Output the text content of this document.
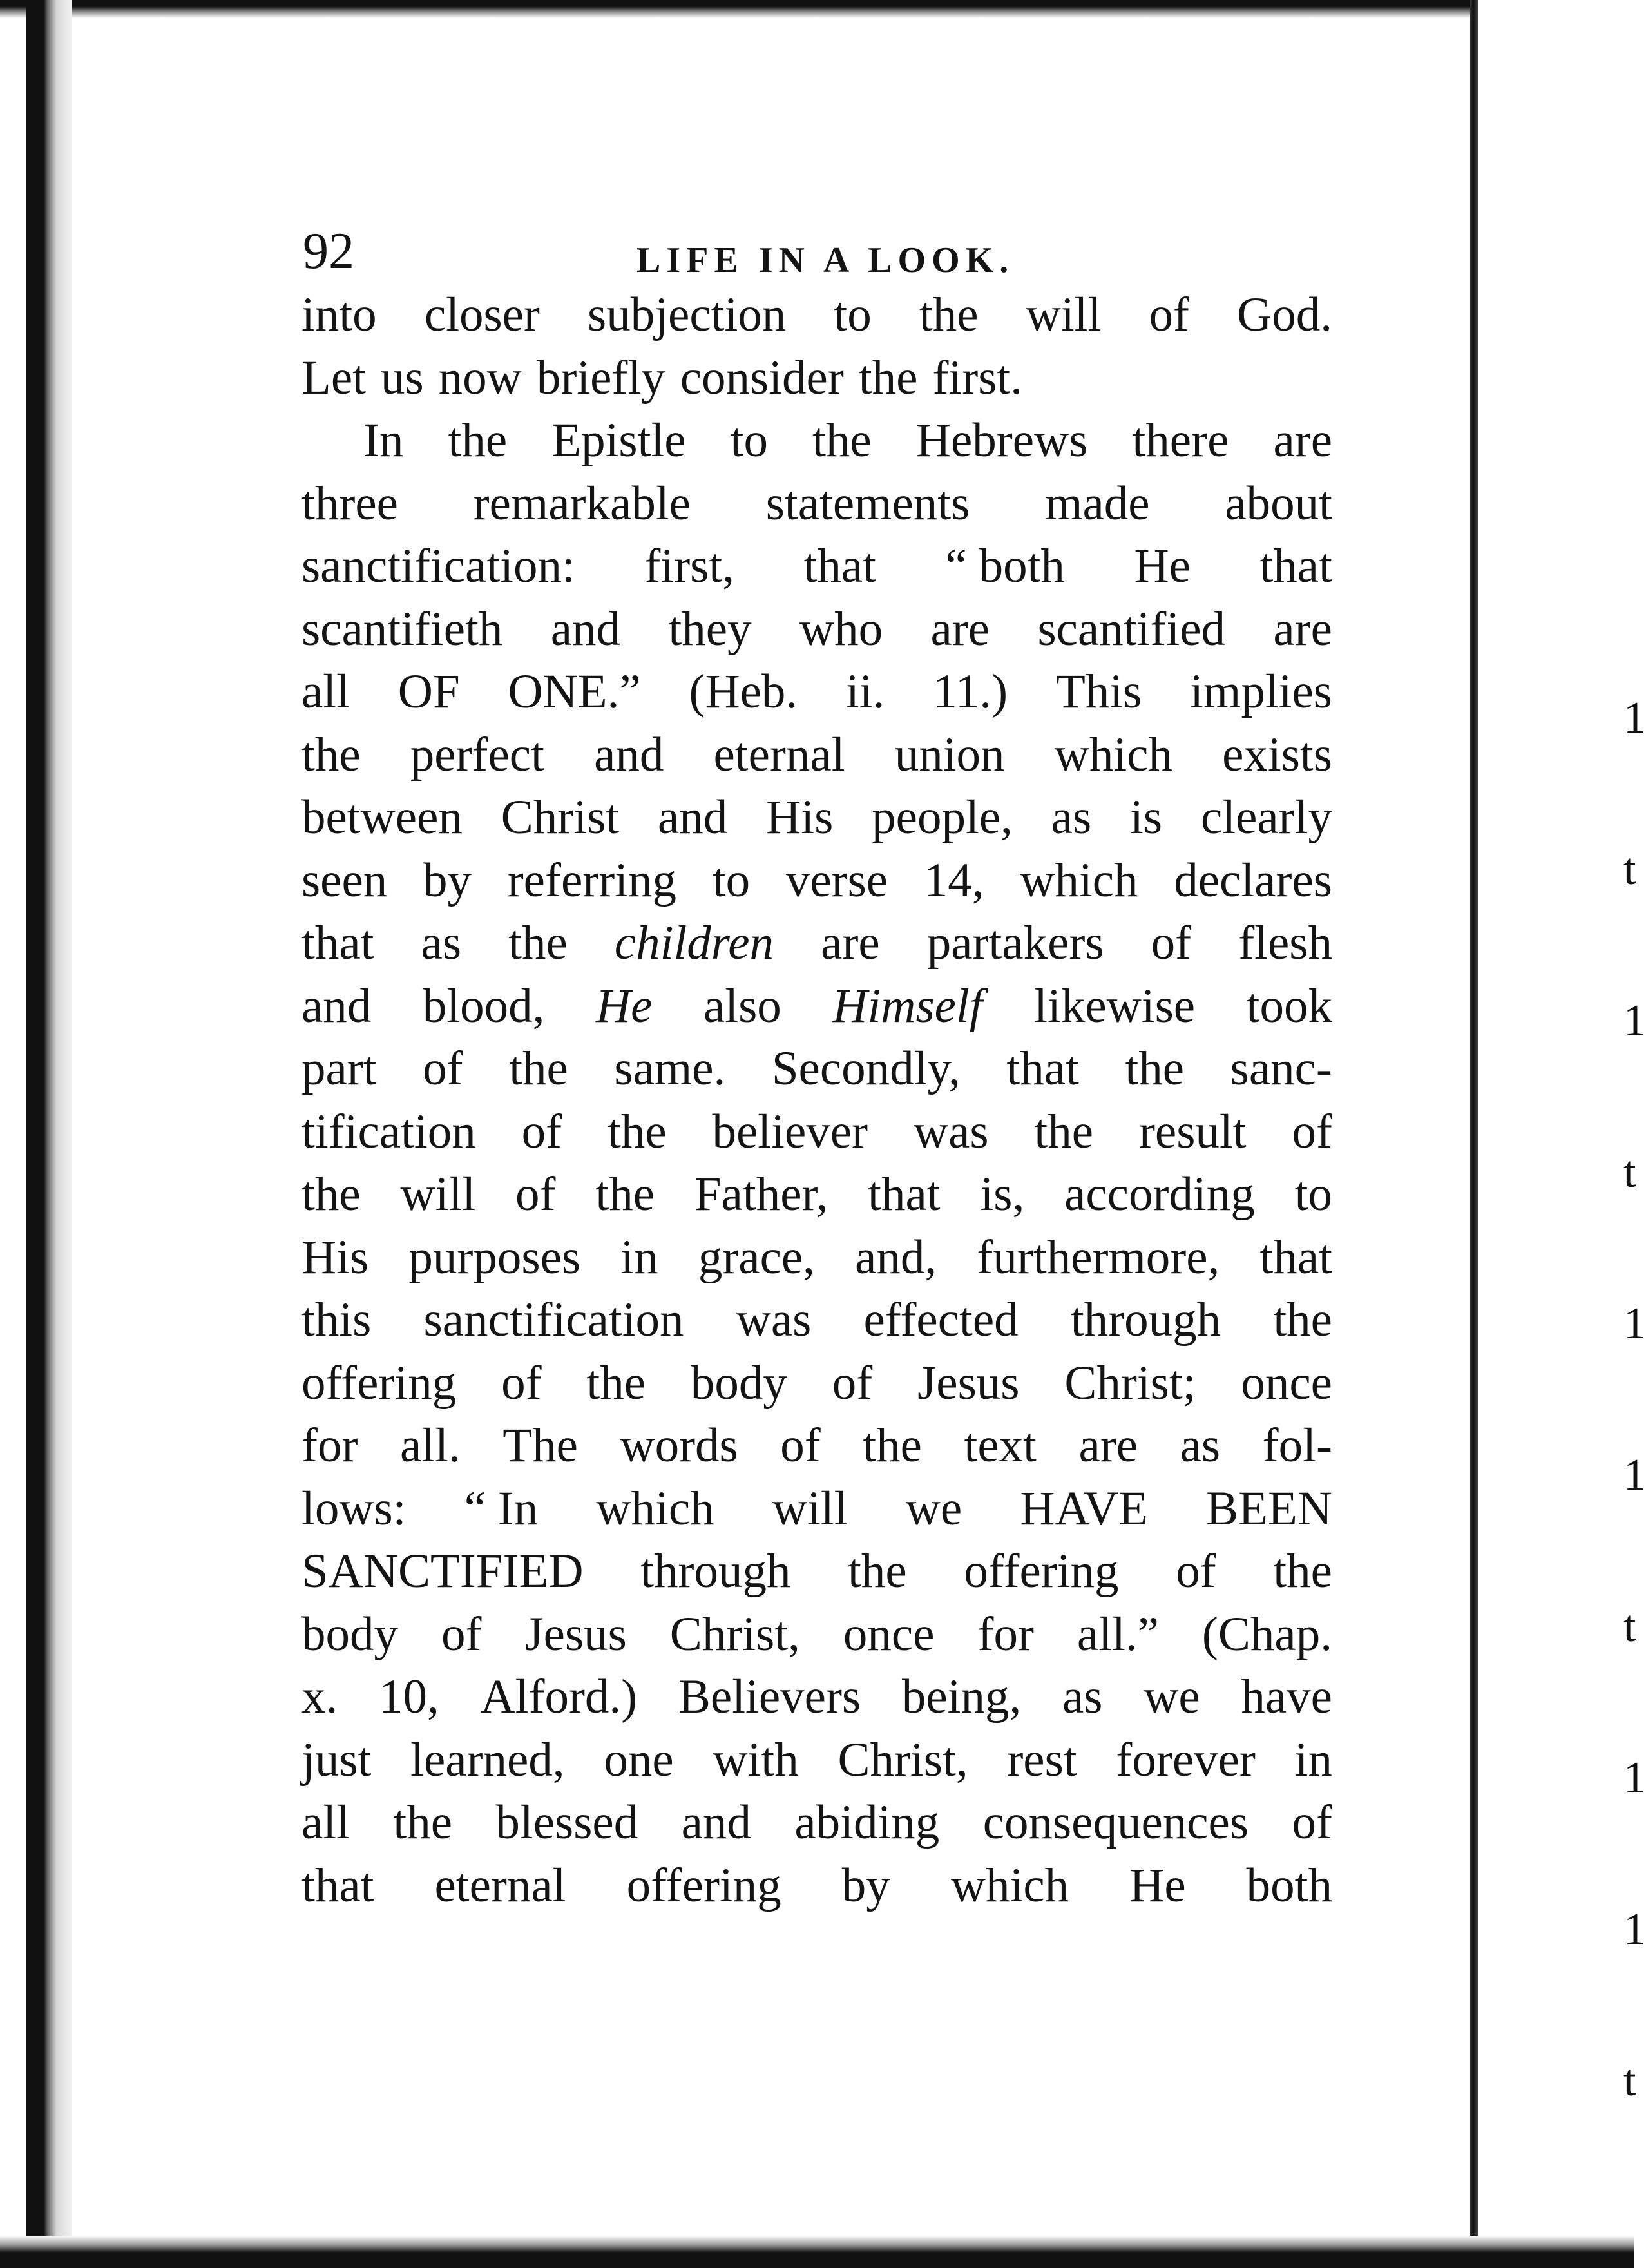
1
t
1
t
1
1
t
1
1
t
92	LIFE IN A LOOK.
into closer subjection to the will of God.
Let us now briefly consider the first.
In the Epistle to the Hebrews there are
three remarkable statements made about
sanctification: first, that “ both He that
scantifieth and they who are scantified are
all OF ONE.” (Heb. ii. 11.) This implies
the perfect and eternal union which exists
between Christ and His people, as is clearly
seen by referring to verse 14, which declares
that as the children are partakers of flesh
and blood, He also Himself likewise took
part of the same. Secondly, that the sanc-
tification of the believer was the result of
the will of the Father, that is, according to
His purposes in grace, and, furthermore, that
this sanctification was effected through the
offering of the body of Jesus Christ; once
for all. The words of the text are as fol-
lows: “ In which will we HAVE BEEN
SANCTIFIED through the offering of the
body of Jesus Christ, once for all.” (Chap.
x. 10, Alford.) Believers being, as we have
just learned, one with Christ, rest forever in
all the blessed and abiding consequences of
that eternal offering by which He both
